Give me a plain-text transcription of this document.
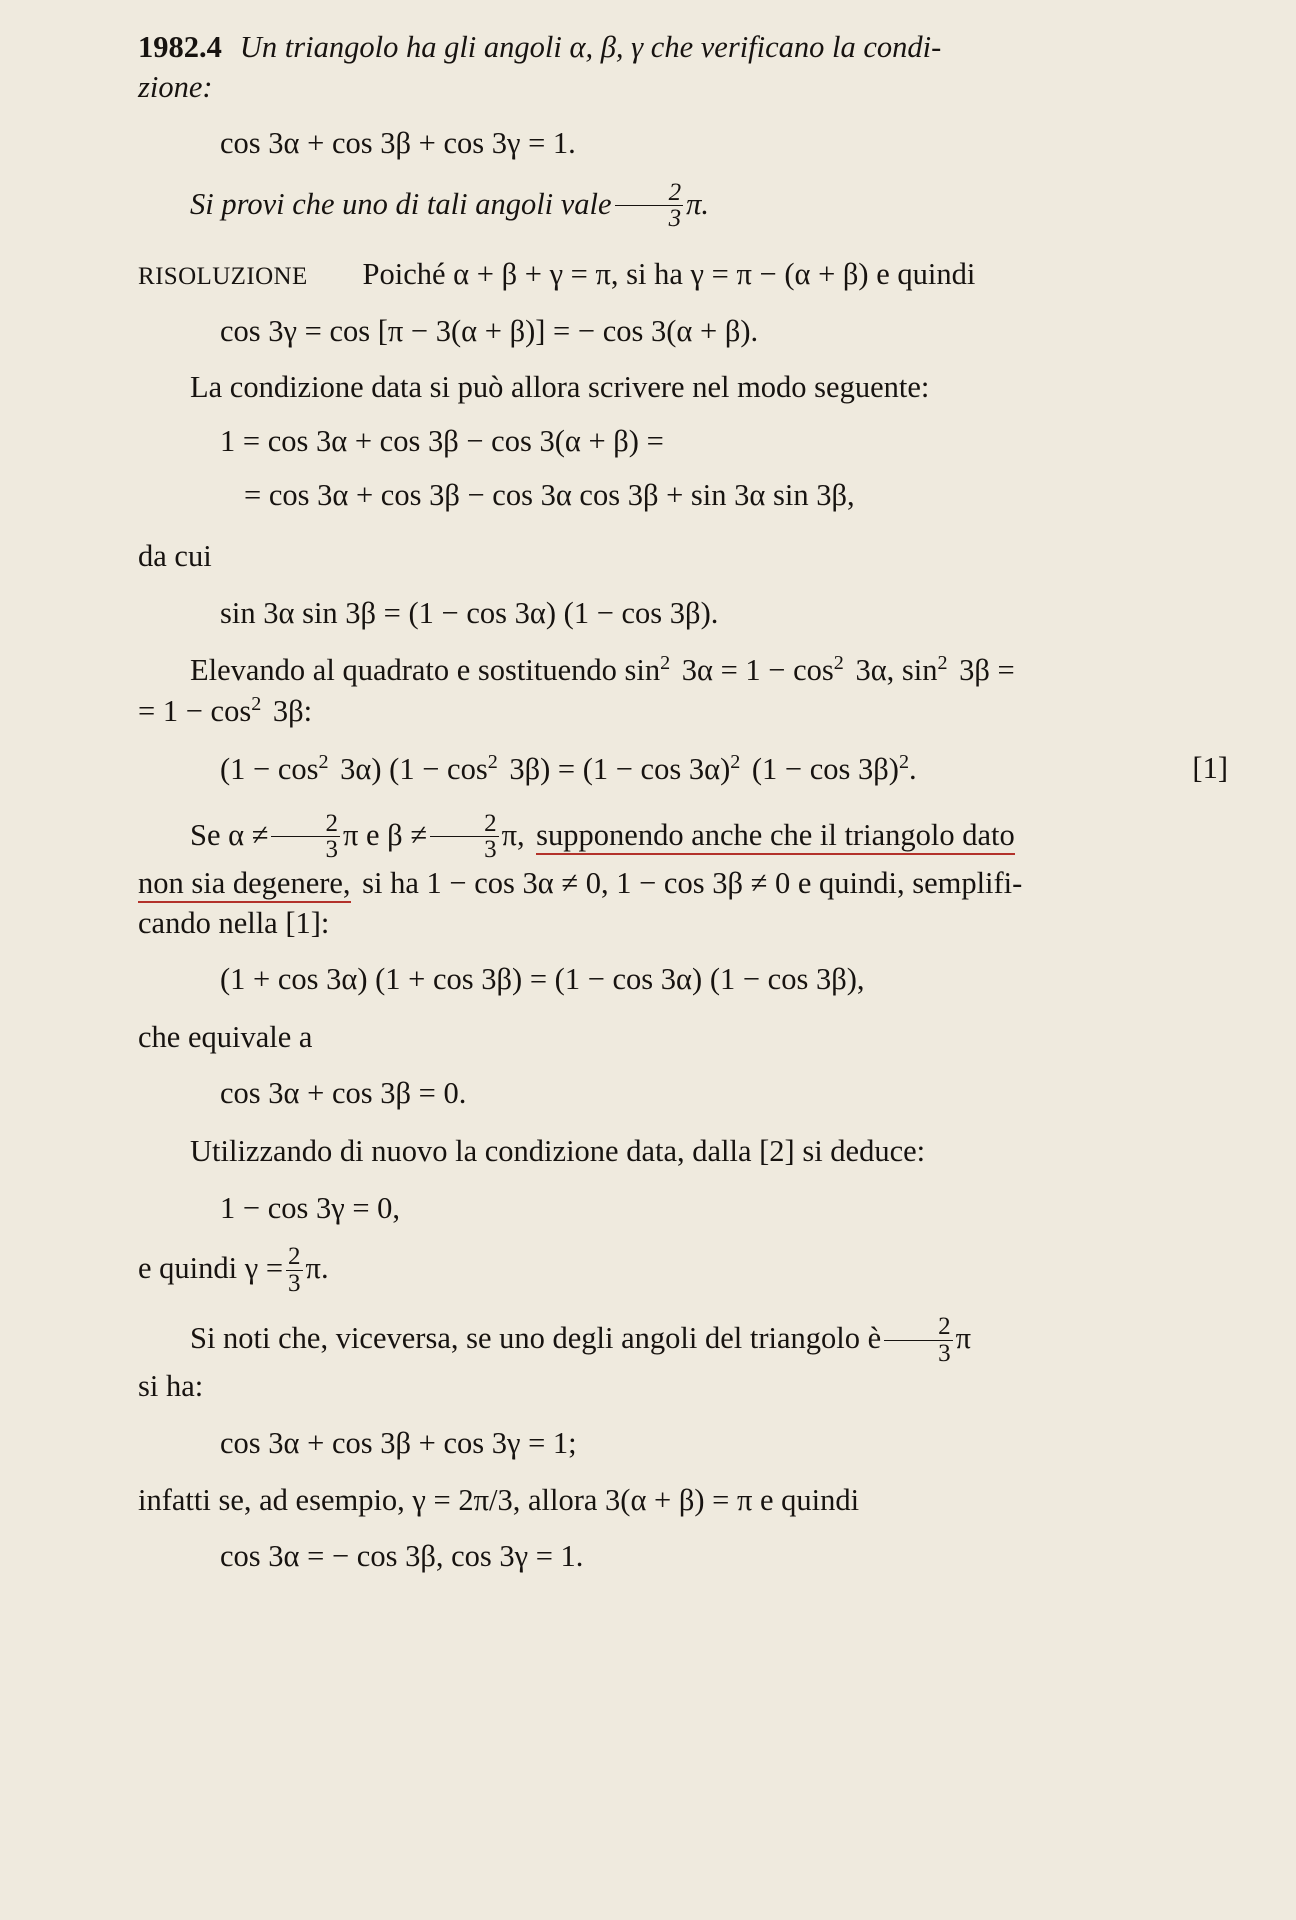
1982.4 Un triangolo ha gli angoli α, β, γ che verificano la condi-
zione:

cos 3α + cos 3β + cos 3γ = 1.

Si provi che uno di tali angoli vale $\frac{2}{3} \pi$.

RISOLUZIONE Poiché α + β + γ = π, si ha γ = π − (α + β) e quindi

cos 3γ = cos [π − 3(α + β)] = − cos 3(α + β).

La condizione data si può allora scrivere nel modo seguente:

1 = cos 3α + cos 3β − cos 3(α + β) =
= cos 3α + cos 3β − cos 3α cos 3β + sin 3α sin 3β,

da cui

sin 3α sin 3β = (1 − cos 3α) (1 − cos 3β).

Elevando al quadrato e sostituendo $\sin^2 3\alpha = 1 - \cos^2 3\alpha$, $\sin^2 3\beta$ =
= $1 - \cos^2 3\beta$:

[1]
$(1 - \cos^2 3\alpha)$ $(1 - \cos^2 3\beta) = (1 - \cos 3\alpha)^2$ $(1 - \cos 3\beta)^2$.

Se $\alpha \ne \frac{2}{3}$ π e $\beta \ne \frac{2}{3} \pi$, supponendo anche che il triangolo dato
non sia degenere, si ha 1 − cos 3α ≠ 0, 1 − cos 3β ≠ 0 e quindi, semplifi-
cando nella [1]:

(1 + cos 3α) (1 + cos 3β) = (1 − cos 3α) (1 − cos 3β),

che equivale a

cos 3α + cos 3β = 0.

Utilizzando di nuovo la condizione data, dalla [2] si deduce:

1 − cos 3γ = 0,

e quindi $\gamma = \frac{2}{3} \pi$.

Si noti che, viceversa, se uno degli angoli del triangolo è $\frac{2}{3}$ π
si ha:

cos 3α + cos 3β + cos 3γ = 1;

infatti se, ad esempio, γ = 2π/3, allora 3(α + β) = π e quindi

cos 3α = − cos 3β, cos 3γ = 1.
